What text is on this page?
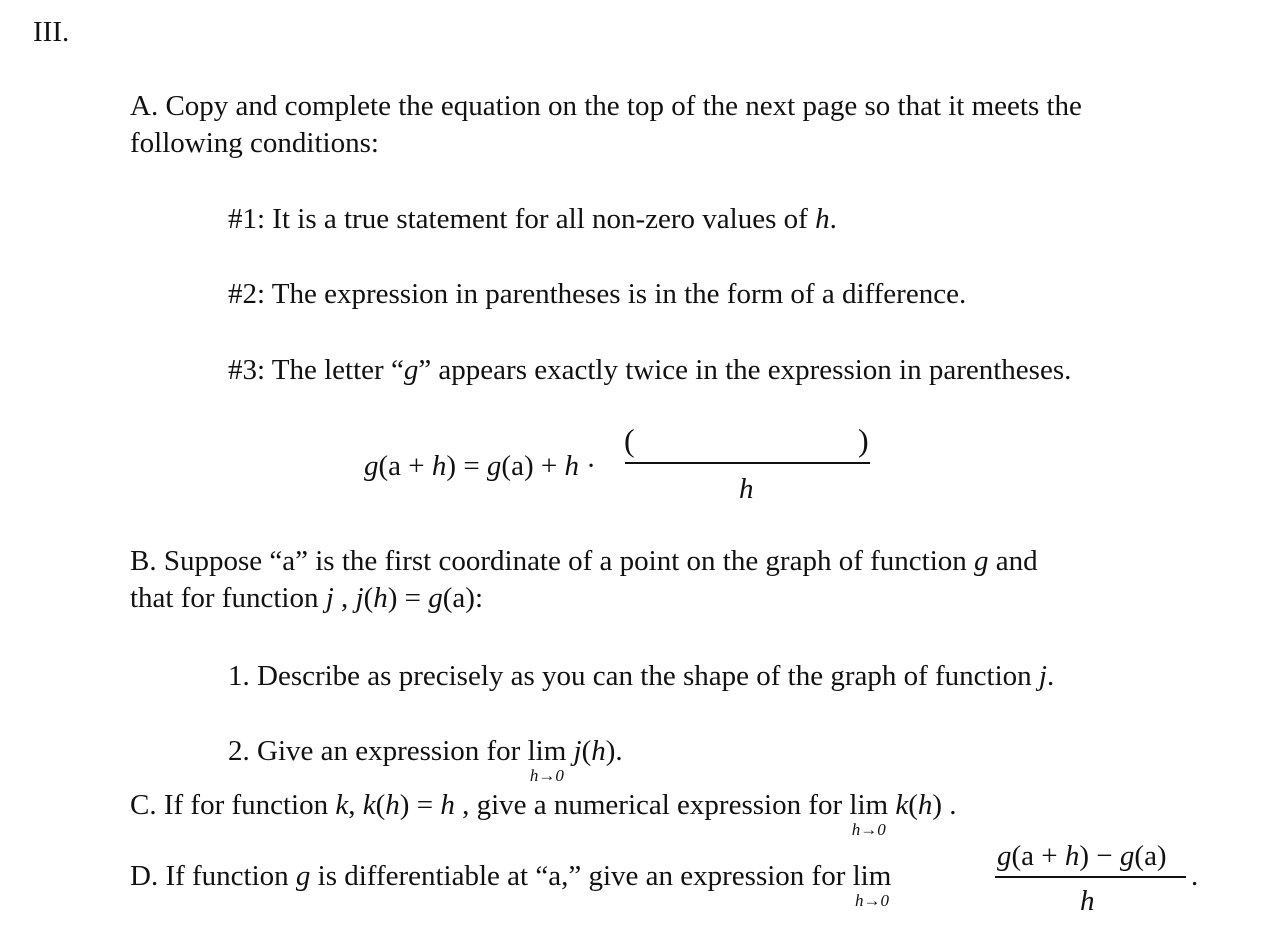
III.
A. Copy and complete the equation on the top of the next page so that it meets the
following conditions:
#1: It is a true statement for all non-zero values of h.
#2: The expression in parentheses is in the form of a difference.
#3: The letter “g” appears exactly twice in the expression in parentheses.
g(a + h) = g(a) + h ·
(	)
h
B. Suppose “a” is the first coordinate of a point on the graph of function g and
that for function j , j(h) = g(a):
1. Describe as precisely as you can the shape of the graph of function j.
2. Give an expression for lim
h→0
j(h).
C. If for function k, k(h) = h , give a numerical expression for lim
h→0
k(h) .
D. If function g is differentiable at “a,” give an expression for lim
h→0
g(a + h) − g(a)
h
.
